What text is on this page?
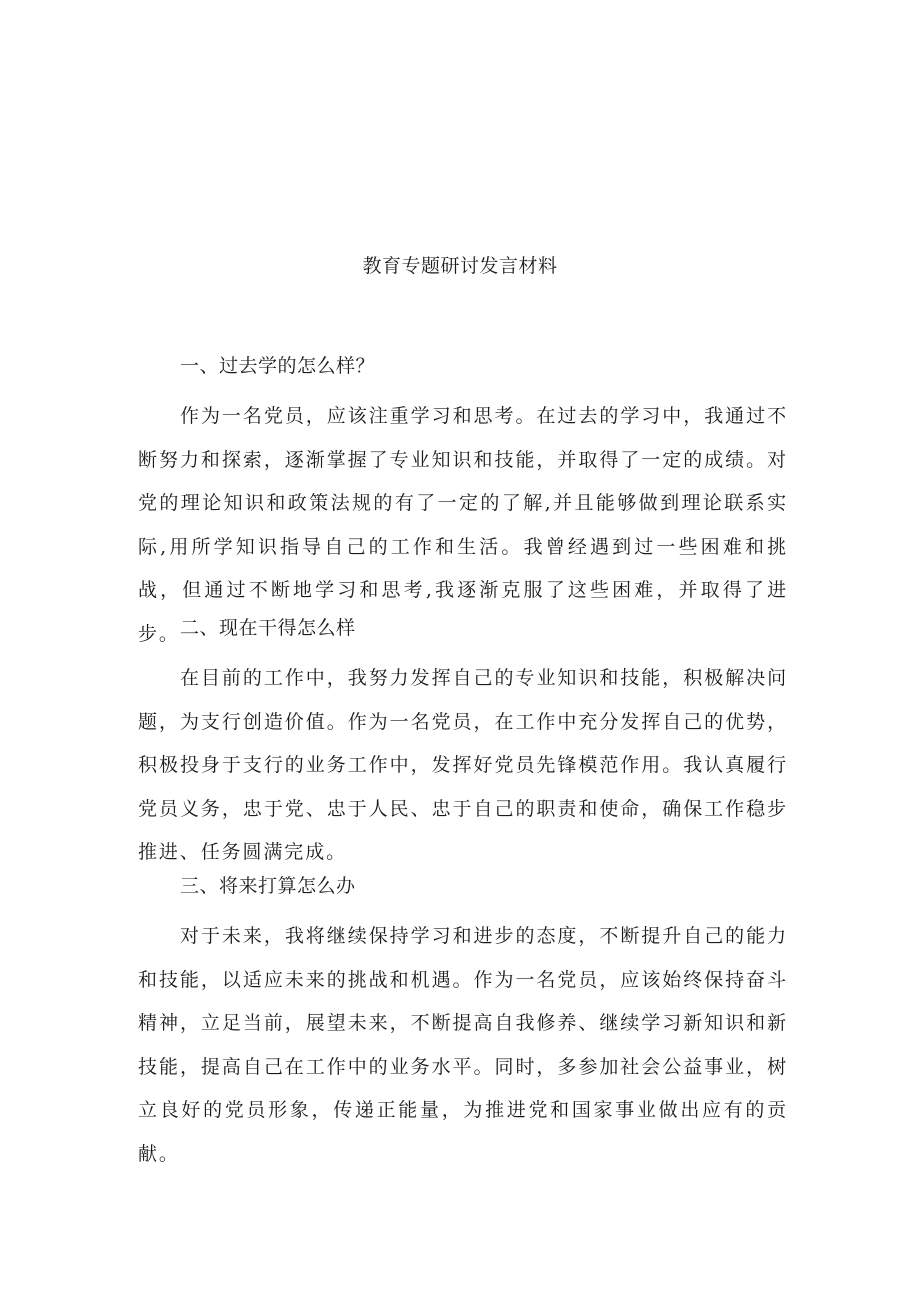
教育专题研讨发言材料
一、过去学的怎么样？

作为一名党员，应该注重学习和思考。在过去的学习中，我通过不断努力和探索，逐渐掌握了专业知识和技能，并取得了一定的成绩。对党的理论知识和政策法规的有了一定的了解,并且能够做到理论联系实际,用所学知识指导自己的工作和生活。我曾经遇到过一些困难和挑战，但通过不断地学习和思考,我逐渐克服了这些困难，并取得了进步。 二、现在干得怎么样

在目前的工作中，我努力发挥自己的专业知识和技能，积极解决问题，为支行创造价值。作为一名党员，在工作中充分发挥自己的优势，积极投身于支行的业务工作中，发挥好党员先锋模范作用。我认真履行党员义务，忠于党、忠于人民、忠于自己的职责和使命，确保工作稳步推进、任务圆满完成。

三、将来打算怎么办

对于未来，我将继续保持学习和进步的态度，不断提升自己的能力和技能，以适应未来的挑战和机遇。作为一名党员，应该始终保持奋斗精神，立足当前，展望未来，不断提高自我修养、继续学习新知识和新技能，提高自己在工作中的业务水平。同时，多参加社会公益事业，树立良好的党员形象，传递正能量，为推进党和国家事业做出应有的贡献。
